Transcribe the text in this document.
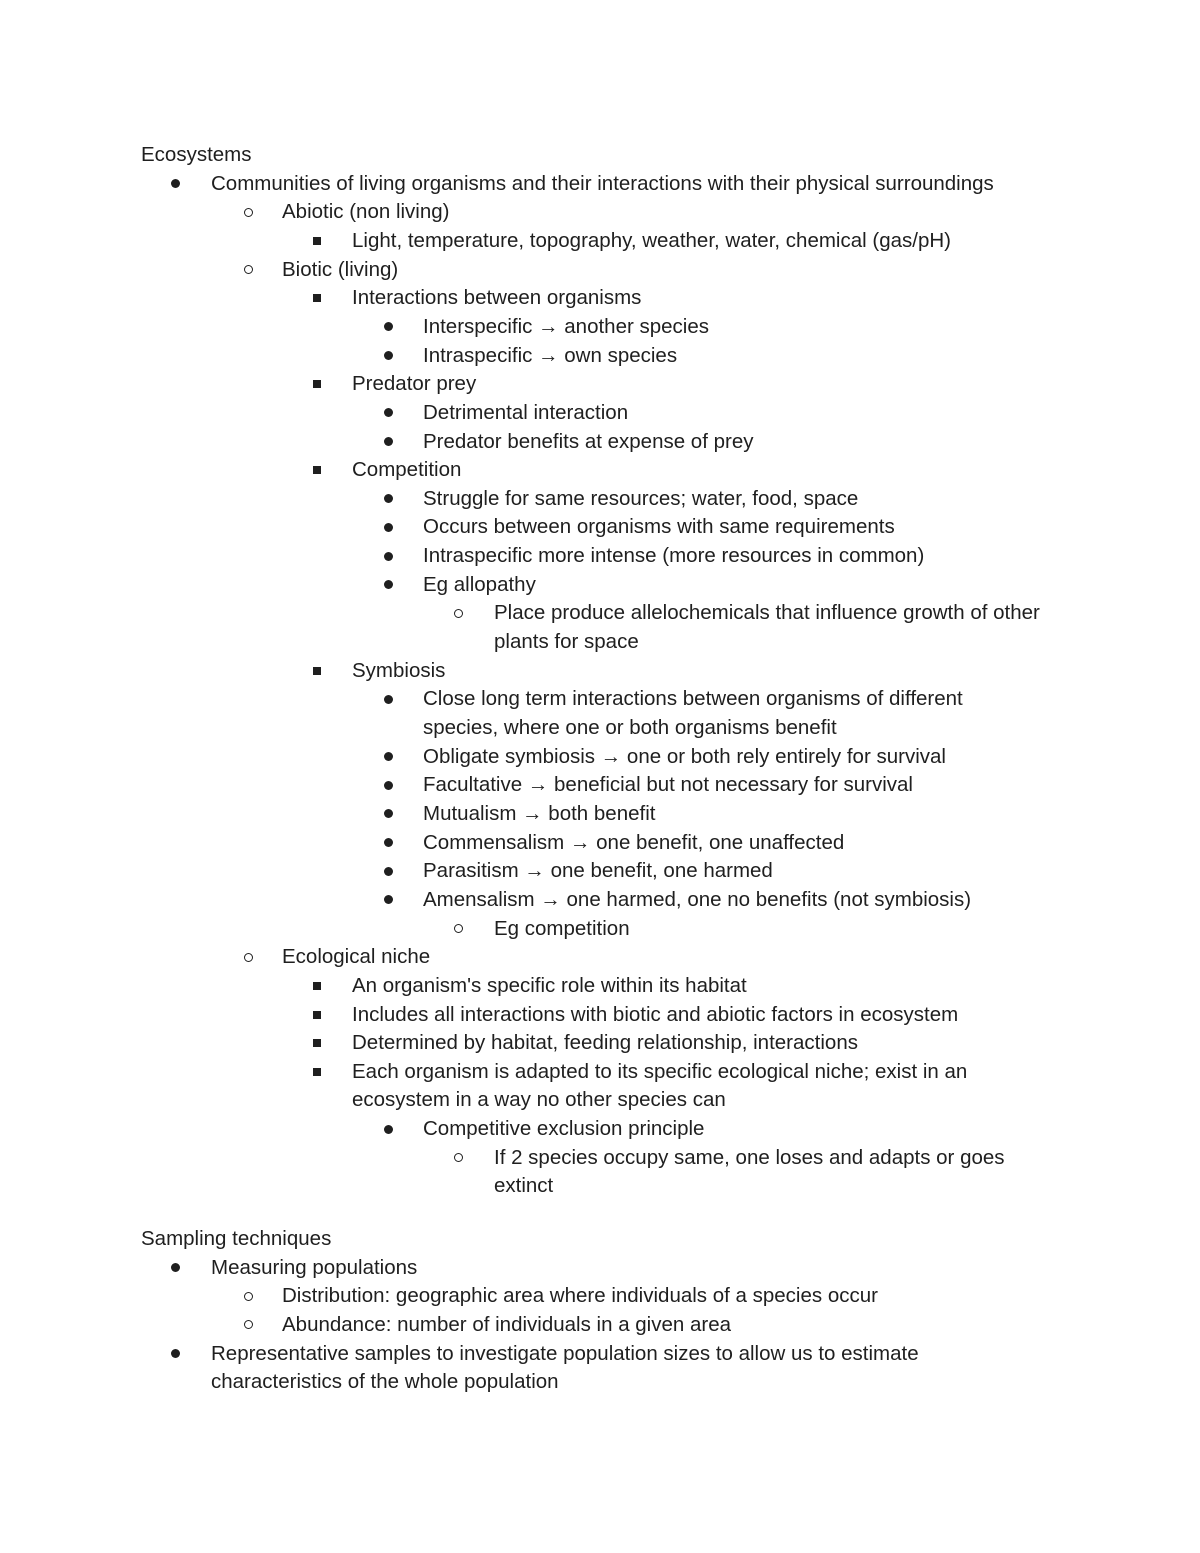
Ecosystems
Communities of living organisms and their interactions with their physical surroundings
Abiotic (non living)
Light, temperature, topography, weather, water, chemical (gas/pH)
Biotic (living)
Interactions between organisms
Interspecific → another species
Intraspecific → own species
Predator prey
Detrimental interaction
Predator benefits at expense of prey
Competition
Struggle for same resources; water, food, space
Occurs between organisms with same requirements
Intraspecific more intense (more resources in common)
Eg allopathy
Place produce allelochemicals that influence growth of other plants for space
Symbiosis
Close long term interactions between organisms of different species, where one or both organisms benefit
Obligate symbiosis → one or both rely entirely for survival
Facultative → beneficial but not necessary for survival
Mutualism → both benefit
Commensalism → one benefit, one unaffected
Parasitism → one benefit, one harmed
Amensalism → one harmed, one no benefits (not symbiosis)
Eg competition
Ecological niche
An organism's specific role within its habitat
Includes all interactions with biotic and abiotic factors in ecosystem
Determined by habitat, feeding relationship, interactions
Each organism is adapted to its specific ecological niche; exist in an ecosystem in a way no other species can
Competitive exclusion principle
If 2 species occupy same, one loses and adapts or goes extinct
Sampling techniques
Measuring populations
Distribution: geographic area where individuals of a species occur
Abundance: number of individuals in a given area
Representative samples to investigate population sizes to allow us to estimate characteristics of the whole population
